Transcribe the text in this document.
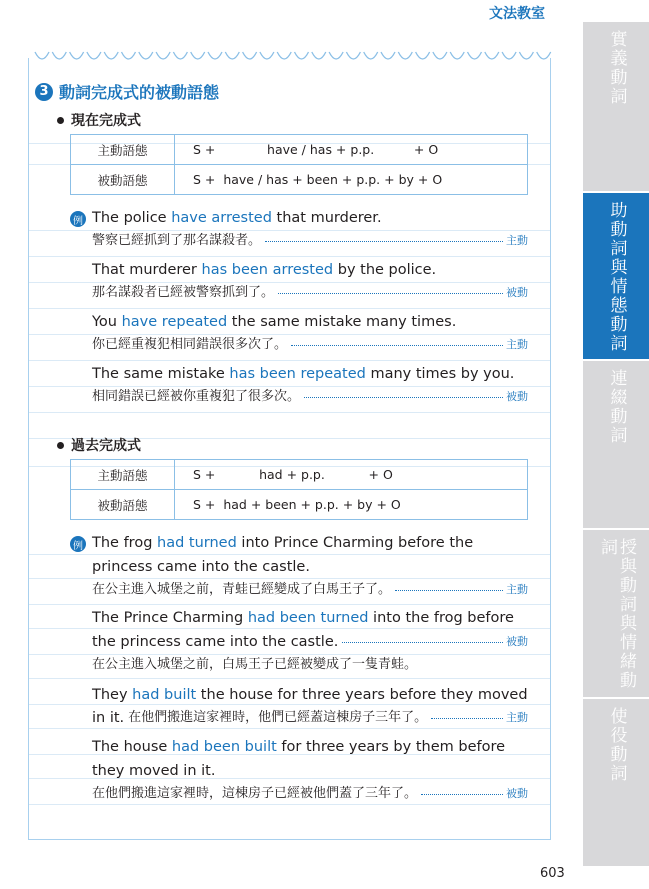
文法教室
實義動詞
助動詞與情態動詞
連綴動詞
授與動詞與情緒動詞
使役動詞
603
3 動詞完成式的被動語態
現在完成式
主動語態	S +             have / has + p.p.          + O
被動語態	S +  have / has + been + p.p. + by + O
例 The police have arrested that murderer.
警察已經抓到了那名謀殺者。	主動
That murderer has been arrested by the police.
那名謀殺者已經被警察抓到了。	被動
You have repeated the same mistake many times.
你已經重複犯相同錯誤很多次了。	主動
The same mistake has been repeated many times by you.
相同錯誤已經被你重複犯了很多次。	被動
過去完成式
主動語態	S +           had + p.p.           + O
被動語態	S +  had + been + p.p. + by + O
例 The frog had turned into Prince Charming before the
princess came into the castle.
在公主進入城堡之前，青蛙已經變成了白馬王子了。	主動
The Prince Charming had been turned into the frog before
the princess came into the castle.	被動
在公主進入城堡之前，白馬王子已經被變成了一隻青蛙。
They had built the house for three years before they moved
in it. 在他們搬進這家裡時，他們已經蓋這棟房子三年了。	主動
The house had been built for three years by them before
they moved in it.
在他們搬進這家裡時，這棟房子已經被他們蓋了三年了。	被動
